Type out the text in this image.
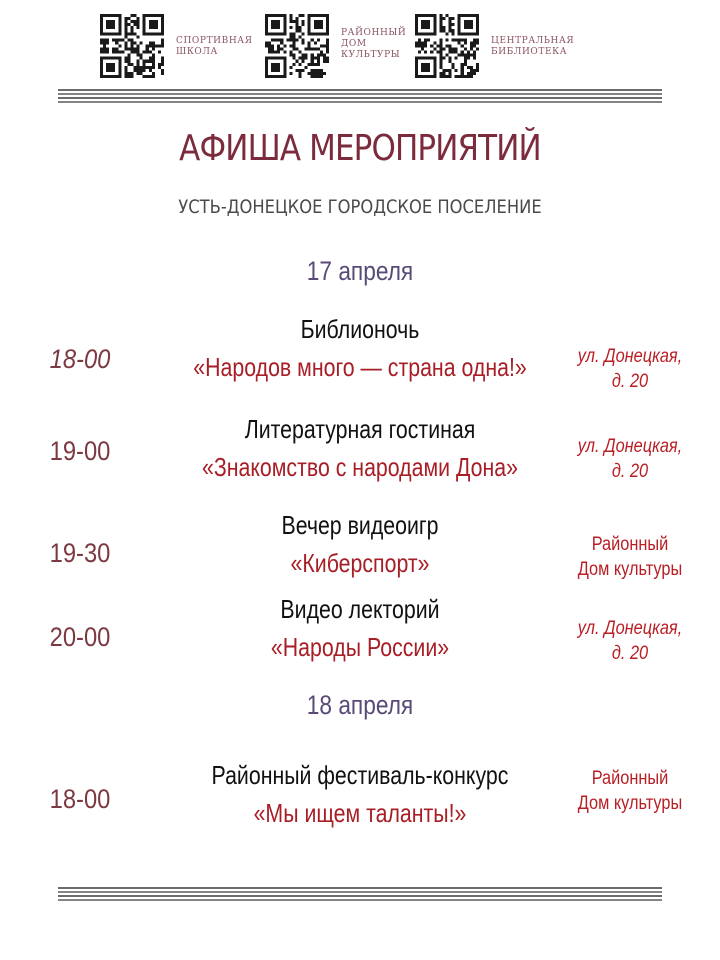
СПОРТИВНАЯ
ШКОЛА
РАЙОННЫЙ
ДОМ
КУЛЬТУРЫ
ЦЕНТРАЛЬНАЯ
БИБЛИОТЕКА
АФИША МЕРОПРИЯТИЙ
УСТЬ-ДОНЕЦКОЕ ГОРОДСКОЕ ПОСЕЛЕНИЕ
17 апреля
18-00
Библионочь
«Народов много — страна одна!»	ул. Донецкая,
д. 20
19-00
Литературная гостиная
«Знакомство с народами Дона»
ул. Донецкая,
д. 20
19-30
Вечер видеоигр
«Киберспорт»
Районный
Дом культуры
20-00
Видео лекторий
«Народы России»
ул. Донецкая,
д. 20
18 апреля
18-00
Районный фестиваль-конкурс
«Мы ищем таланты!»
Районный
Дом культуры
